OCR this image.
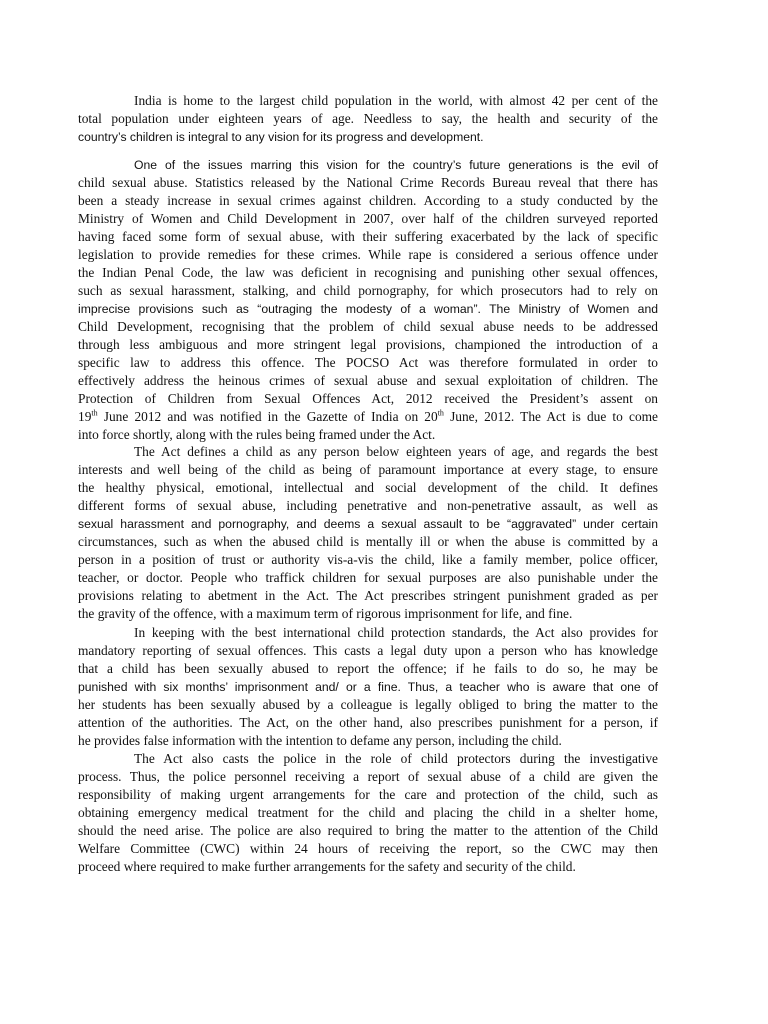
India is home to the largest child population in the world, with almost 42 per cent of the
total population under eighteen years of age. Needless to say, the health and security of the
country’s children is integral to any vision for its progress and development.
One of the issues marring this vision for the country’s future generations is the evil of
child sexual abuse. Statistics released by the National Crime Records Bureau reveal that there has
been a steady increase in sexual crimes against children. According to a study conducted by the
Ministry of Women and Child Development in 2007, over half of the children surveyed reported
having faced some form of sexual abuse, with their suffering exacerbated by the lack of specific
legislation to provide remedies for these crimes. While rape is considered a serious offence under
the Indian Penal Code, the law was deficient in recognising and punishing other sexual offences,
such as sexual harassment, stalking, and child pornography, for which prosecutors had to rely on
imprecise provisions such as “outraging the modesty of a woman”. The Ministry of Women and
Child Development, recognising that the problem of child sexual abuse needs to be addressed
through less ambiguous and more stringent legal provisions, championed the introduction of a
specific law to address this offence. The POCSO Act was therefore formulated in order to
effectively address the heinous crimes of sexual abuse and sexual exploitation of children. The
Protection of Children from Sexual Offences Act, 2012 received the President’s assent on
19th June 2012 and was notified in the Gazette of India on 20th June, 2012. The Act is due to come
into force shortly, along with the rules being framed under the Act.
The Act defines a child as any person below eighteen years of age, and regards the best
interests and well being of the child as being of paramount importance at every stage, to ensure
the healthy physical, emotional, intellectual and social development of the child. It defines
different forms of sexual abuse, including penetrative and non-penetrative assault, as well as
sexual harassment and pornography, and deems a sexual assault to be “aggravated” under certain
circumstances, such as when the abused child is mentally ill or when the abuse is committed by a
person in a position of trust or authority vis-a-vis the child, like a family member, police officer,
teacher, or doctor. People who traffick children for sexual purposes are also punishable under the
provisions relating to abetment in the Act. The Act prescribes stringent punishment graded as per
the gravity of the offence, with a maximum term of rigorous imprisonment for life, and fine.
In keeping with the best international child protection standards, the Act also provides for
mandatory reporting of sexual offences. This casts a legal duty upon a person who has knowledge
that a child has been sexually abused to report the offence; if he fails to do so, he may be
punished with six months’ imprisonment and/ or a fine. Thus, a teacher who is aware that one of
her students has been sexually abused by a colleague is legally obliged to bring the matter to the
attention of the authorities. The Act, on the other hand, also prescribes punishment for a person, if
he provides false information with the intention to defame any person, including the child.
The Act also casts the police in the role of child protectors during the investigative
process. Thus, the police personnel receiving a report of sexual abuse of a child are given the
responsibility of making urgent arrangements for the care and protection of the child, such as
obtaining emergency medical treatment for the child and placing the child in a shelter home,
should the need arise. The police are also required to bring the matter to the attention of the Child
Welfare Committee (CWC) within 24 hours of receiving the report, so the CWC may then
proceed where required to make further arrangements for the safety and security of the child.
